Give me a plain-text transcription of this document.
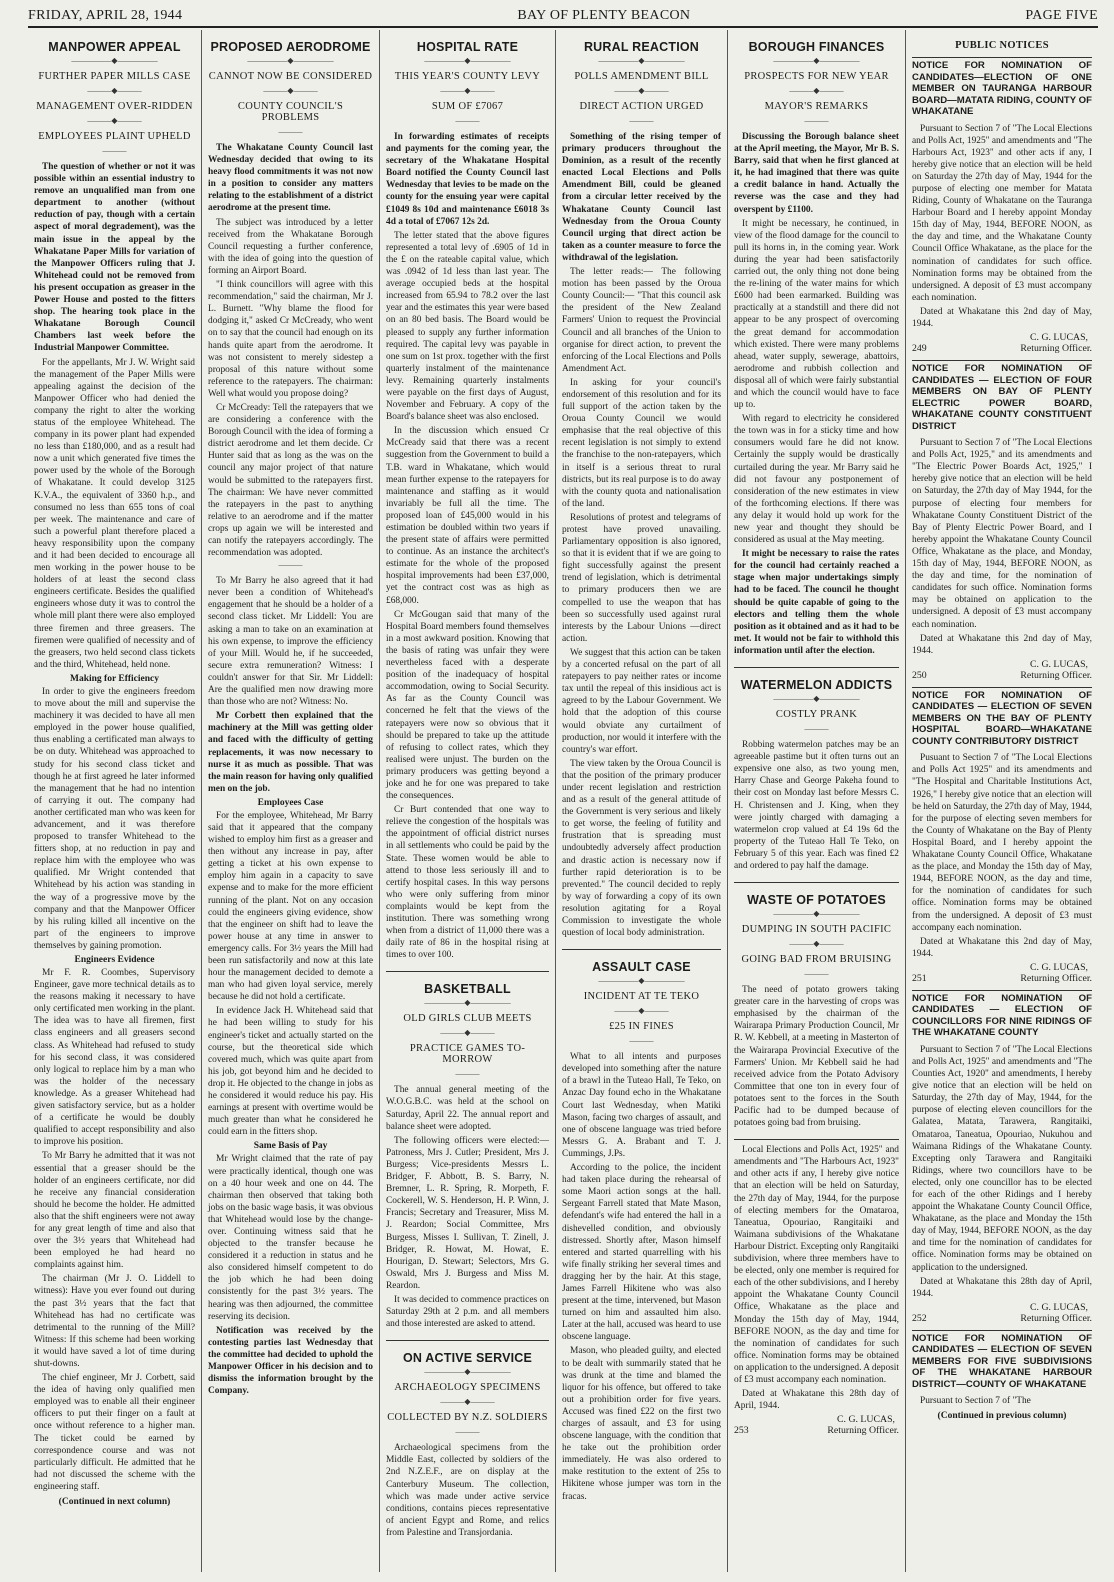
FRIDAY, APRIL 28, 1944	BAY OF PLENTY BEACON	PAGE FIVE
MANPOWER APPEAL
—————◆—————
FURTHER PAPER MILLS CASE
———◆———
MANAGEMENT OVER-RIDDEN
———◆———
EMPLOYEES PLAINT UPHELD
———

The question of whether or not it was possible within an essential industry to remove an unqualified man from one department to another (without reduction of pay, though with a certain aspect of moral degradement), was the main issue in the appeal by the Whakatane Paper Mills for variation of the Manpower Officers ruling that J. Whitehead could not be removed from his present occupation as greaser in the Power House and posted to the fitters shop. The hearing took place in the Whakatane Borough Council Chambers last week before the Industrial Manpower Committee.

For the appellants, Mr J. W. Wright said the management of the Paper Mills were appealing against the decision of the Manpower Officer who had denied the company the right to alter the working status of the employee Whitehead. The company in its power plant had expended no less than £180,000, and as a result had now a unit which generated five times the power used by the whole of the Borough of Whakatane. It could develop 3125 K.V.A., the equivalent of 3360 h.p., and consumed no less than 655 tons of coal per week. The maintenance and care of such a powerful plant therefore placed a heavy responsibility upon the company and it had been decided to encourage all men working in the power house to be holders of at least the second class engineers certificate. Besides the qualified engineers whose duty it was to control the whole mill plant there were also employed three firemen and three greasers. The firemen were qualified of necessity and of the greasers, two held second class tickets and the third, Whitehead, held none.

Making for Efficiency

In order to give the engineers freedom to move about the mill and supervise the machinery it was decided to have all men employed in the power house qualified, thus enabling a certificated man always to be on duty. Whitehead was approached to study for his second class ticket and though he at first agreed he later informed the management that he had no intention of carrying it out. The company had another certificated man who was keen for advancement, and it was therefore proposed to transfer Whitehead to the fitters shop, at no reduction in pay and replace him with the employee who was qualified. Mr Wright contended that Whitehead by his action was standing in the way of a progressive move by the company and that the Manpower Officer by his ruling killed all incentive on the part of the engineers to improve themselves by gaining promotion.

Engineers Evidence

Mr F. R. Coombes, Supervisory Engineer, gave more technical details as to the reasons making it necessary to have only certificated men working in the plant. The idea was to have all firemen, first class engineers and all greasers second class. As Whitehead had refused to study for his second class, it was considered only logical to replace him by a man who was the holder of the necessary knowledge. As a greaser Whitehead had given satisfactory service, but as a holder of a certificate he would be doubly qualified to accept responsibility and also to improve his position.

To Mr Barry he admitted that it was not essential that a greaser should be the holder of an engineers certificate, nor did he receive any financial consideration should he become the holder. He admitted also that the shift engineers were not away for any great length of time and also that over the 3½ years that Whitehead had been employed he had heard no complaints against him.

The chairman (Mr J. O. Liddell to witness): Have you ever found out during the past 3½ years that the fact that Whitehead has had no certificate was detrimental to the running of the Mill? Witness: If this scheme had been working it would have saved a lot of time during shut-downs.

The chief engineer, Mr J. Corbett, said the idea of having only qualified men employed was to enable all their engineer officers to put their finger on a fault at once without reference to a higher man. The ticket could be earned by correspondence course and was not particularly difficult. He admitted that he had not discussed the scheme with the engineering staff.

(Continued in next column)
PROPOSED AERODROME
—————◆—————
CANNOT NOW BE CONSIDERED
———◆———
COUNTY COUNCIL'S PROBLEMS
———

The Whakatane County Council last Wednesday decided that owing to its heavy flood commitments it was not now in a position to consider any matters relating to the establishment of a district aerodrome at the present time.

The subject was introduced by a letter received from the Whakatane Borough Council requesting a further conference, with the idea of going into the question of forming an Airport Board.

"I think councillors will agree with this recommendation," said the chairman, Mr J. L. Burnett. "Why blame the flood for dodging it," asked Cr McCready, who went on to say that the council had enough on its hands quite apart from the aerodrome. It was not consistent to merely sidestep a proposal of this nature without some reference to the ratepayers. The chairman: Well what would you propose doing?

Cr McCready: Tell the ratepayers that we are considering a conference with the Borough Council with the idea of forming a district aerodrome and let them decide. Cr Hunter said that as long as the was on the council any major project of that nature would be submitted to the ratepayers first. The chairman: We have never committed the ratepayers in the past to anything relative to an aerodrome and if the matter crops up again we will be interested and can notify the ratepayers accordingly. The recommendation was adopted.

———

To Mr Barry he also agreed that it had never been a condition of Whitehead's engagement that he should be a holder of a second class ticket. Mr Liddell: You are asking a man to take on an examination at his own expense, to improve the efficiency of your Mill. Would he, if he succeeded, secure extra remuneration? Witness: I couldn't answer for that Sir. Mr Liddell: Are the qualified men now drawing more than those who are not? Witness: No.

Mr Corbett then explained that the machinery at the Mill was getting older and faced with the difficulty of getting replacements, it was now necessary to nurse it as much as possible. That was the main reason for having only qualified men on the job.

Employees Case

For the employee, Whitehead, Mr Barry said that it appeared that the company wished to employ him first as a greaser and then without any increase in pay, after getting a ticket at his own expense to employ him again in a capacity to save expense and to make for the more efficient running of the plant. Not on any occasion could the engineers giving evidence, show that the engineer on shift had to leave the power house at any time in answer to emergency calls. For 3½ years the Mill had been run satisfactorily and now at this late hour the management decided to demote a man who had given loyal service, merely because he did not hold a certificate.

In evidence Jack H. Whitehead said that he had been willing to study for his engineer's ticket and actually started on the course, but the theoretical side which covered much, which was quite apart from his job, got beyond him and he decided to drop it. He objected to the change in jobs as he considered it would reduce his pay. His earnings at present with overtime would be much greater than what he considered he could earn in the fitters shop.

Same Basis of Pay

Mr Wright claimed that the rate of pay were practically identical, though one was on a 40 hour week and one on 44. The chairman then observed that taking both jobs on the basic wage basis, it was obvious that Whitehead would lose by the change-over. Continuing witness said that he objected to the transfer because he considered it a reduction in status and he also considered himself competent to do the job which he had been doing consistently for the past 3½ years. The hearing was then adjourned, the committee reserving its decision.

Notification was received by the contesting parties last Wednesday that the committee had decided to uphold the Manpower Officer in his decision and to dismiss the information brought by the Company.

HOSPITAL RATE
—————◆—————
THIS YEAR'S COUNTY LEVY
———◆———
SUM OF £7067
———

In forwarding estimates of receipts and payments for the coming year, the secretary of the Whakatane Hospital Board notified the County Council last Wednesday that levies to be made on the county for the ensuing year were capital £1049 8s 10d and maintenance £6018 3s 4d a total of £7067 12s 2d.

The letter stated that the above figures represented a total levy of .6905 of 1d in the £ on the rateable capital value, which was .0942 of 1d less than last year. The average occupied beds at the hospital increased from 65.94 to 78.2 over the last year and the estimates this year were based on an 80 bed basis. The Board would be pleased to supply any further information required. The capital levy was payable in one sum on 1st prox. together with the first quarterly instalment of the maintenance levy. Remaining quarterly instalments were payable on the first days of August, November and February. A copy of the Board's balance sheet was also enclosed.

In the discussion which ensued Cr McCready said that there was a recent suggestion from the Government to build a T.B. ward in Whakatane, which would mean further expense to the ratepayers for maintenance and staffing as it would invariably be full all the time. The proposed loan of £45,000 would in his estimation be doubled within two years if the present state of affairs were permitted to continue. As an instance the architect's estimate for the whole of the proposed hospital improvements had been £37,000, yet the contract cost was as high as £68,000.

Cr McGougan said that many of the Hospital Board members found themselves in a most awkward position. Knowing that the basis of rating was unfair they were nevertheless faced with a desperate position of the inadequacy of hospital accommodation, owing to Social Security. As far as the County Council was concerned he felt that the views of the ratepayers were now so obvious that it should be prepared to take up the attitude of refusing to collect rates, which they realised were unjust. The burden on the primary producers was getting beyond a joke and he for one was prepared to take the consequences.

Cr Burt contended that one way to relieve the congestion of the hospitals was the appointment of official district nurses in all settlements who could be paid by the State. These women would be able to attend to those less seriously ill and to certify hospital cases. In this way persons who were only suffering from minor complaints would be kept from the institution. There was something wrong when from a district of 11,000 there was a daily rate of 86 in the hospital rising at times to over 100.

BASKETBALL
—————◆—————
OLD GIRLS CLUB MEETS
———◆———
PRACTICE GAMES TO-MORROW
———

The annual general meeting of the W.O.G.B.C. was held at the school on Saturday, April 22. The annual report and balance sheet were adopted.

The following officers were elected:—Patroness, Mrs J. Cutler; President, Mrs J. Burgess; Vice-presidents Messrs L. Bridger, F. Abbott, B. S. Barry, N. Bremner, L. R. Spring, R. Morpeth, F. Cockerell, W. S. Henderson, H. P. Winn, J. Francis; Secretary and Treasurer, Miss M. J. Reardon; Social Committee, Mrs Burgess, Misses I. Sullivan, T. Zinell, J. Bridger, R. Howat, M. Howat, E. Hourigan, D. Stewart; Selectors, Mrs G. Oswald, Mrs J. Burgess and Miss M. Reardon.

It was decided to commence practices on Saturday 29th at 2 p.m. and all members and those interested are asked to attend.

ON ACTIVE SERVICE
—————◆—————
ARCHAEOLOGY SPECIMENS
———◆———
COLLECTED BY N.Z. SOLDIERS
———

Archaeological specimens from the Middle East, collected by soldiers of the 2nd N.Z.E.F., are on display at the Canterbury Museum. The collection, which was made under active service conditions, contains pieces representative of ancient Egypt and Rome, and relics from Palestine and Transjordania.

RURAL REACTION
—————◆—————
POLLS AMENDMENT BILL
———◆———
DIRECT ACTION URGED
———

Something of the rising temper of primary producers throughout the Dominion, as a result of the recently enacted Local Elections and Polls Amendment Bill, could be gleaned from a circular letter received by the Whakatane County Council last Wednesday from the Oroua County Council urging that direct action be taken as a counter measure to force the withdrawal of the legislation.

The letter reads:— The following motion has been passed by the Oroua County Council:— "That this council ask the president of the New Zealand Farmers' Union to request the Provincial Council and all branches of the Union to organise for direct action, to prevent the enforcing of the Local Elections and Polls Amendment Act.

In asking for your council's endorsement of this resolution and for its full support of the action taken by the Oroua County Council we would emphasise that the real objective of this recent legislation is not simply to extend the franchise to the non-ratepayers, which in itself is a serious threat to rural districts, but its real purpose is to do away with the county quota and nationalisation of the land.

Resolutions of protest and telegrams of protest have proved unavailing. Parliamentary opposition is also ignored, so that it is evident that if we are going to fight successfully against the present trend of legislation, which is detrimental to primary producers then we are compelled to use the weapon that has been so successfully used against rural interests by the Labour Unions —direct action.

We suggest that this action can be taken by a concerted refusal on the part of all ratepayers to pay neither rates or income tax until the repeal of this insidious act is agreed to by the Labour Government. We hold that the adoption of this course would obviate any curtailment of production, nor would it interfere with the country's war effort.

The view taken by the Oroua Council is that the position of the primary producer under recent legislation and restriction and as a result of the general attitude of the Government is very serious and likely to get worse, the feeling of futility and frustration that is spreading must undoubtedly adversely affect production and drastic action is necessary now if further rapid deterioration is to be prevented." The council decided to reply by way of forwarding a copy of its own resolution agitating for a Royal Commission to investigate the whole question of local body administration.

ASSAULT CASE
—————◆—————
INCIDENT AT TE TEKO
———◆———
£25 IN FINES
———

What to all intents and purposes developed into something after the nature of a brawl in the Tuteao Hall, Te Teko, on Anzac Day found echo in the Whakatane Court last Wednesday, when Matiki Mason, facing two charges of assault, and one of obscene language was tried before Messrs G. A. Brabant and T. J. Cummings, J.Ps.

According to the police, the incident had taken place during the rehearsal of some Maori action songs at the hall. Sergeant Farrell stated that Mate Mason, defendant's wife had entered the hall in a dishevelled condition, and obviously distressed. Shortly after, Mason himself entered and started quarrelling with his wife finally striking her several times and dragging her by the hair. At this stage, James Farrell Hikitene who was also present at the time, intervened, but Mason turned on him and assaulted him also. Later at the hall, accused was heard to use obscene language.

Mason, who pleaded guilty, and elected to be dealt with summarily stated that he was drunk at the time and blamed the liquor for his offence, but offered to take out a prohibition order for five years. Accused was fined £22 on the first two charges of assault, and £3 for using obscene language, with the condition that he take out the prohibition order immediately. He was also ordered to make restitution to the extent of 25s to Hikitene whose jumper was torn in the fracas.

BOROUGH FINANCES
—————◆—————
PROSPECTS FOR NEW YEAR
———◆———
MAYOR'S REMARKS
———

Discussing the Borough balance sheet at the April meeting, the Mayor, Mr B. S. Barry, said that when he first glanced at it, he had imagined that there was quite a credit balance in hand. Actually the reverse was the case and they had overspent by £1100.

It might be necessary, he continued, in view of the flood damage for the council to pull its horns in, in the coming year. Work during the year had been satisfactorily carried out, the only thing not done being the re-lining of the water mains for which £600 had been earmarked. Building was practically at a standstill and there did not appear to be any prospect of overcoming the great demand for accommodation which existed. There were many problems ahead, water supply, sewerage, abattoirs, aerodrome and rubbish collection and disposal all of which were fairly substantial and which the council would have to face up to.

With regard to electricity he considered the town was in for a sticky time and how consumers would fare he did not know. Certainly the supply would be drastically curtailed during the year. Mr Barry said he did not favour any postponement of consideration of the new estimates in view of the forthcoming elections. If there was any delay it would hold up work for the new year and thought they should be considered as usual at the May meeting.

It might be necessary to raise the rates for the council had certainly reached a stage when major undertakings simply had to be faced. The council he thought should be quite capable of going to the electors and telling them the whole position as it obtained and as it had to be met. It would not be fair to withhold this information until after the election.

WATERMELON ADDICTS
—————◆—————
COSTLY PRANK
———

Robbing watermelon patches may be an agreeable pastime but it often turns out an expensive one also, as two young men, Harry Chase and George Pakeha found to their cost on Monday last before Messrs C. H. Christensen and J. King, when they were jointly charged with damaging a watermelon crop valued at £4 19s 6d the property of the Tuteao Hall Te Teko, on February 5 of this year. Each was fined £2 and ordered to pay half the damage.

WASTE OF POTATOES
—————◆—————
DUMPING IN SOUTH PACIFIC
———◆———
GOING BAD FROM BRUISING
———

The need of potato growers taking greater care in the harvesting of crops was emphasised by the chairman of the Wairarapa Primary Production Council, Mr R. W. Kebbell, at a meeting in Masterton of the Wairarapa Provincial Executive of the Farmers' Union. Mr Kebbell said he had received advice from the Potato Advisory Committee that one ton in every four of potatoes sent to the forces in the South Pacific had to be dumped because of potatoes going bad from bruising.

Local Elections and Polls Act, 1925" and amendments and "The Harbours Act, 1923" and other acts if any, I hereby give notice that an election will be held on Saturday, the 27th day of May, 1944, for the purpose of electing members for the Omataroa, Taneatua, Opouriao, Rangitaiki and Waimana subdivisions of the Whakatane Harbour District. Excepting only Rangitaiki subdivision, where three members have to be elected, only one member is required for each of the other subdivisions, and I hereby appoint the Whakatane County Council Office, Whakatane as the place and Monday the 15th day of May, 1944, BEFORE NOON, as the day and time for the nomination of candidates for such office. Nomination forms may be obtained on application to the undersigned. A deposit of £3 must accompany each nomination.

Dated at Whakatane this 28th day of April, 1944.

C. G. LUCAS,
253	Returning Officer.
PUBLIC NOTICES
NOTICE FOR NOMINATION OF CANDIDATES—ELECTION OF ONE MEMBER ON TAURANGA HARBOUR BOARD—MATATA RIDING, COUNTY OF WHAKATANE

Pursuant to Section 7 of "The Local Elections and Polls Act, 1925" and amendments and "The Harbours Act, 1923" and other acts if any, I hereby give notice that an election will be held on Saturday the 27th day of May, 1944 for the purpose of electing one member for Matata Riding, County of Whakatane on the Tauranga Harbour Board and I hereby appoint Monday 15th day of May, 1944, BEFORE NOON, as the day and time, and the Whakatane County Council Office Whakatane, as the place for the nomination of candidates for such office. Nomination forms may be obtained from the undersigned. A deposit of £3 must accompany each nomination.

Dated at Whakatane this 2nd day of May, 1944.

C. G. LUCAS,
249	Returning Officer.
NOTICE FOR NOMINATION OF CANDIDATES — ELECTION OF FOUR MEMBERS ON BAY OF PLENTY ELECTRIC POWER BOARD, WHAKATANE COUNTY CONSTITUENT DISTRICT

Pursuant to Section 7 of "The Local Elections and Polls Act, 1925," and its amendments and "The Electric Power Boards Act, 1925," I hereby give notice that an election will be held on Saturday, the 27th day of May 1944, for the purpose of electing four members for Whakatane County Constituent District of the Bay of Plenty Electric Power Board, and I hereby appoint the Whakatane County Council Office, Whakatane as the place, and Monday, 15th day of May, 1944, BEFORE NOON, as the day and time, for the nomination of candidates for such office. Nomination forms may be obtained on application to the undersigned. A deposit of £3 must accompany each nomination.

Dated at Whakatane this 2nd day of May, 1944.

C. G. LUCAS,
250	Returning Officer.
NOTICE FOR NOMINATION OF CANDIDATES — ELECTION OF SEVEN MEMBERS ON THE BAY OF PLENTY HOSPITAL BOARD—WHAKATANE COUNTY CONTRIBUTORY DISTRICT

Pusuant to Section 7 of "The Local Elections and Polls Act 1925" and its amendments and "The Hospital and Charitable Institutions Act, 1926," I hereby give notice that an election will be held on Saturday, the 27th day of May, 1944, for the purpose of electing seven members for the County of Whakatane on the Bay of Plenty Hospital Board, and I hereby appoint the Whakatane County Council Office, Whakatane as the place, and Monday the 15th day of May, 1944, BEFORE NOON, as the day and time, for the nomination of candidates for such office. Nomination forms may be obtained from the undersigned. A deposit of £3 must accompany each nomination.

Dated at Whakatane this 2nd day of May, 1944.

C. G. LUCAS,
251	Returning Officer.
NOTICE FOR NOMINATION OF CANDIDATES — ELECTION OF COUNCILLORS FOR NINE RIDINGS OF THE WHAKATANE COUNTY

Pursuant to Section 7 of "The Local Elections and Polls Act, 1925" and amendments and "The Counties Act, 1920" and amendments, I hereby give notice that an election will be held on Saturday, the 27th day of May, 1944, for the purpose of electing eleven councillors for the Galatea, Matata, Tarawera, Rangitaiki, Omataroa, Taneatua, Opouriao, Nukuhou and Waimana Ridings of the Whakatane County. Excepting only Tarawera and Rangitaiki Ridings, where two councillors have to be elected, only one councillor has to be elected for each of the other Ridings and I hereby appoint the Whakatane County Council Office, Whakatane, as the place and Monday the 15th day of May, 1944, BEFORE NOON, as the day and time for the nomination of candidates for office. Nomination forms may be obtained on application to the undersigned.

Dated at Whakatane this 28th day of April, 1944.

C. G. LUCAS,
252	Returning Officer.
NOTICE FOR NOMINATION OF CANDIDATES — ELECTION OF SEVEN MEMBERS FOR FIVE SUBDIVISIONS OF THE WHAKATANE HARBOUR DISTRICT—COUNTY OF WHAKATANE

Pursuant to Section 7 of "The

(Continued in previous column)
